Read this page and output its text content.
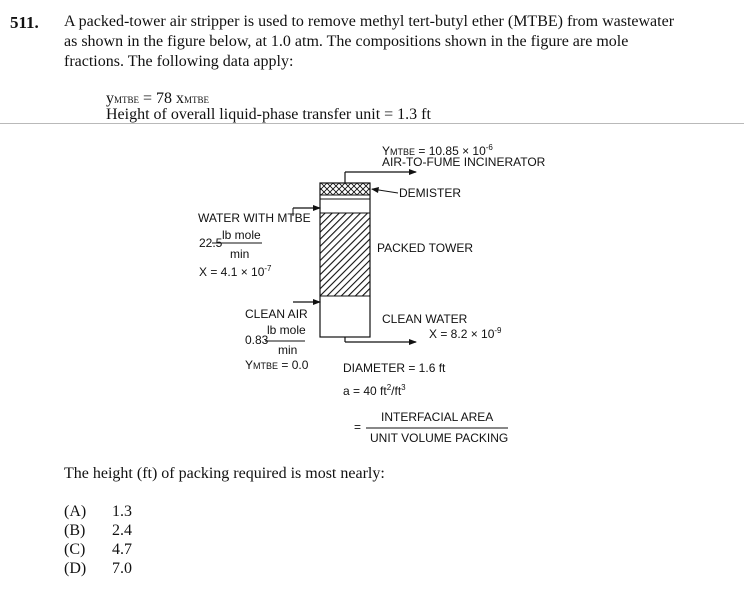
511. A packed-tower air stripper is used to remove methyl tert-butyl ether (MTBE) from wastewater
as shown in the figure below, at 1.0 atm. The compositions shown in the figure are mole
fractions. The following data apply:
yMTBE = 78 xMTBE
Height of overall liquid-phase transfer unit = 1.3 ft
YMTBE = $10.85 \times 10^{-6}$
AIR-TO-FUME INCINERATOR
DEMISTER
PACKED TOWER
WATER WITH MTBE
22.5
lb mole
min
$X = 4.1 \times 10^{-7}$
CLEAN AIR
0.83
lb mole
min
YMTBE = 0.0
CLEAN WATER
$X = 8.2 \times 10^{-9}$
DIAMETER = 1.6 ft
a = 40 $ft^2/ft^3$
=
INTERFACIAL AREA
UNIT VOLUME PACKING
The height (ft) of packing required is most nearly:
(A) 1.3
(B) 2.4
(C) 4.7
(D) 7.0
